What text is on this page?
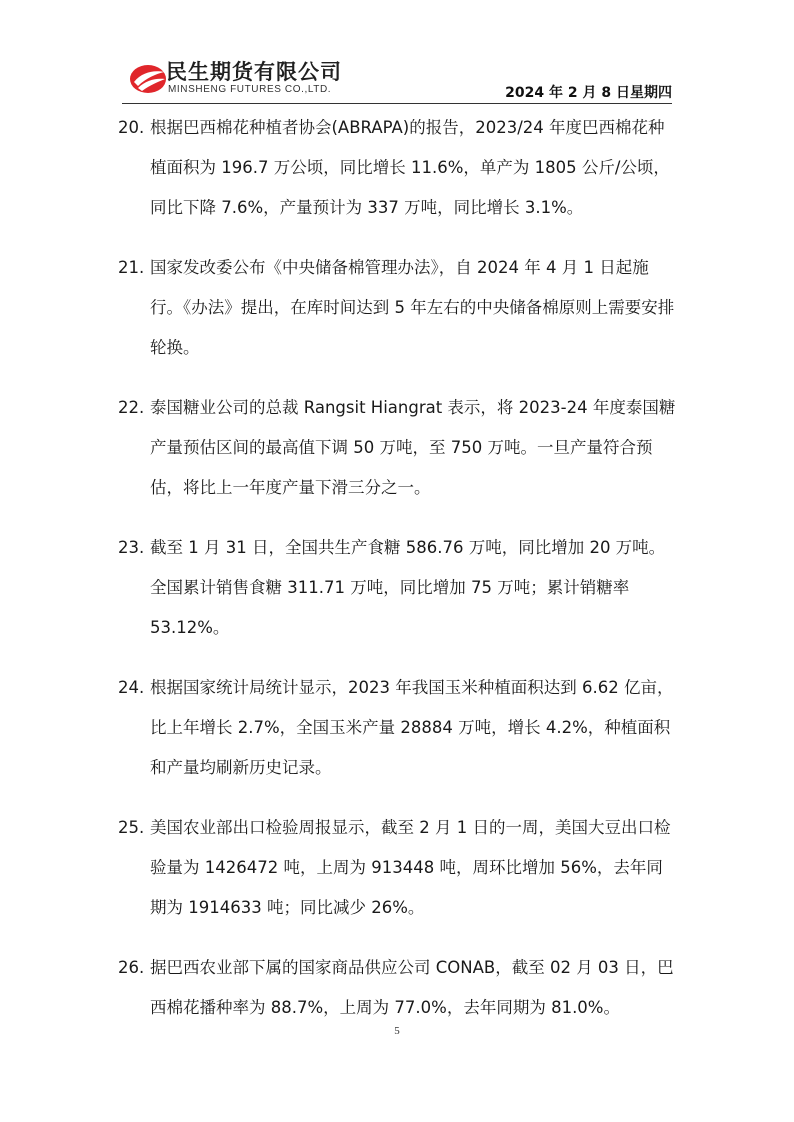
民生期货有限公司
MINSHENG FUTURES CO.,LTD.	2024 年 2 月 8 日星期四
20. 根据巴西棉花种植者协会(ABRAPA)的报告，2023/24 年度巴西棉花种植面积为 196.7 万公顷，同比增长 11.6%，单产为 1805 公斤/公顷，同比下降 7.6%，产量预计为 337 万吨，同比增长 3.1%。
21. 国家发改委公布《中央储备棉管理办法》，自 2024 年 4 月 1 日起施行。《办法》提出，在库时间达到 5 年左右的中央储备棉原则上需要安排轮换。
22. 泰国糖业公司的总裁 Rangsit Hiangrat 表示，将 2023-24 年度泰国糖产量预估区间的最高值下调 50 万吨，至 750 万吨。一旦产量符合预估，将比上一年度产量下滑三分之一。
23. 截至 1 月 31 日，全国共生产食糖 586.76 万吨，同比增加 20 万吨。全国累计销售食糖 311.71 万吨，同比增加 75 万吨；累计销糖率 53.12%。
24. 根据国家统计局统计显示，2023 年我国玉米种植面积达到 6.62 亿亩，比上年增长 2.7%，全国玉米产量 28884 万吨，增长 4.2%，种植面积和产量均刷新历史记录。
25. 美国农业部出口检验周报显示，截至 2 月 1 日的一周，美国大豆出口检验量为 1426472 吨，上周为 913448 吨，周环比增加 56%，去年同期为 1914633 吨；同比减少 26%。
26. 据巴西农业部下属的国家商品供应公司 CONAB，截至 02 月 03 日，巴西棉花播种率为 88.7%，上周为 77.0%，去年同期为 81.0%。
5
